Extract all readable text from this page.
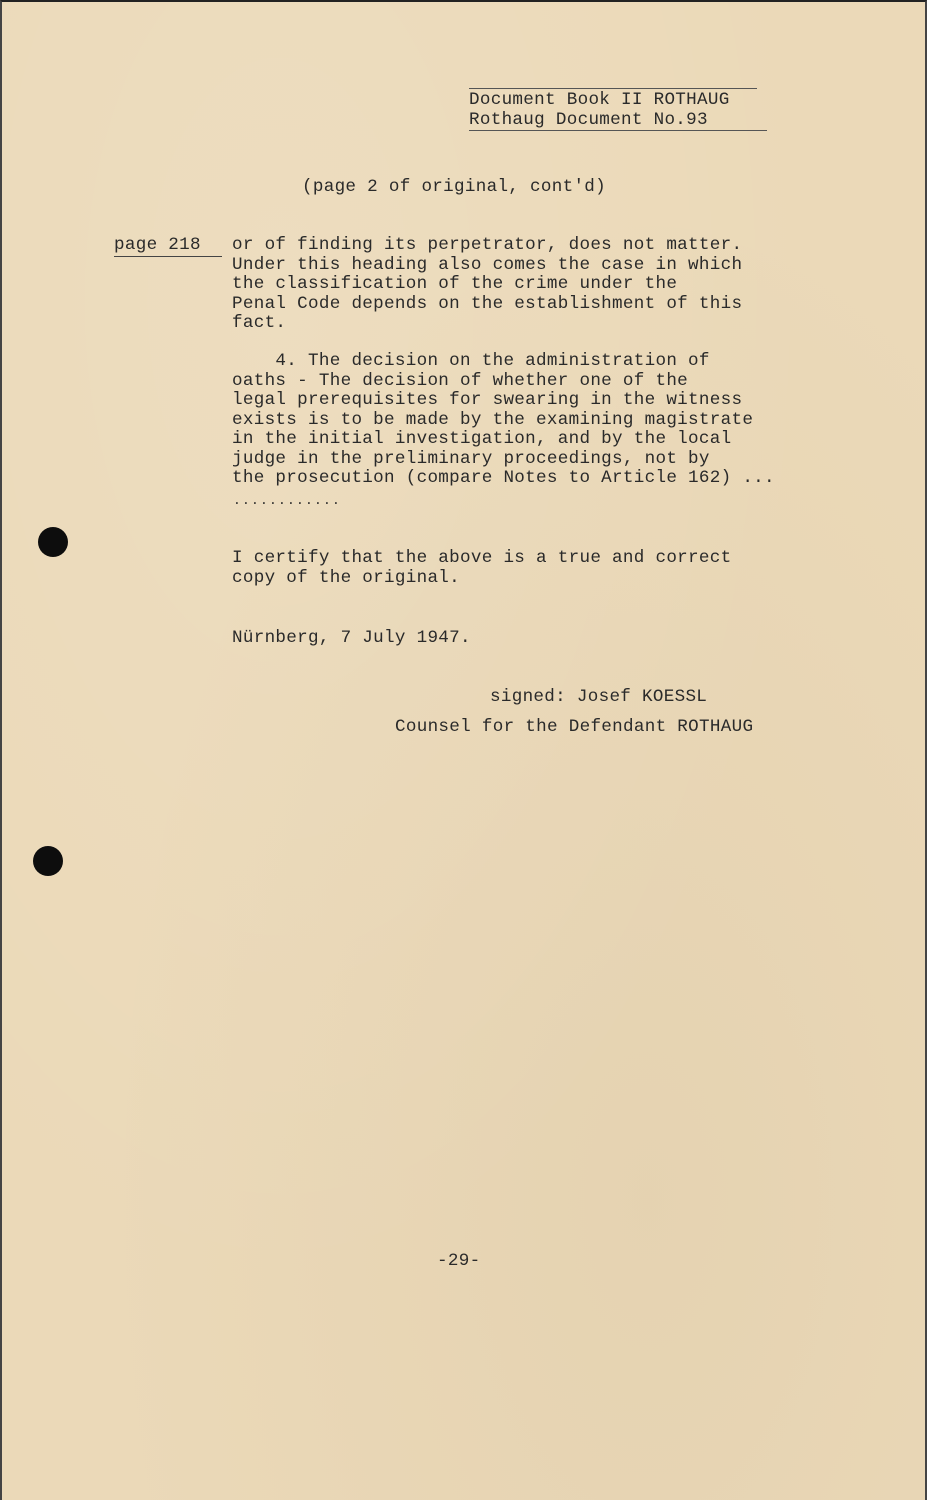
Document Book II ROTHAUG
Rothaug Document No.93
(page 2 of original, cont'd)
page 218 or of finding its perpetrator, does not matter.
Under this heading also comes the case in which
the classification of the crime under the
Penal Code depends on the establishment of this
fact.
4. The decision on the administration of
oaths - The decision of whether one of the
legal prerequisites for swearing in the witness
exists is to be made by the examining magistrate
in the initial investigation, and by the local
judge in the preliminary proceedings, not by
the prosecution (compare Notes to Article 162) ...
............
I certify that the above is a true and correct
copy of the original.
Nürnberg, 7 July 1947.
signed: Josef KOESSL
Counsel for the Defendant ROTHAUG
-29-
